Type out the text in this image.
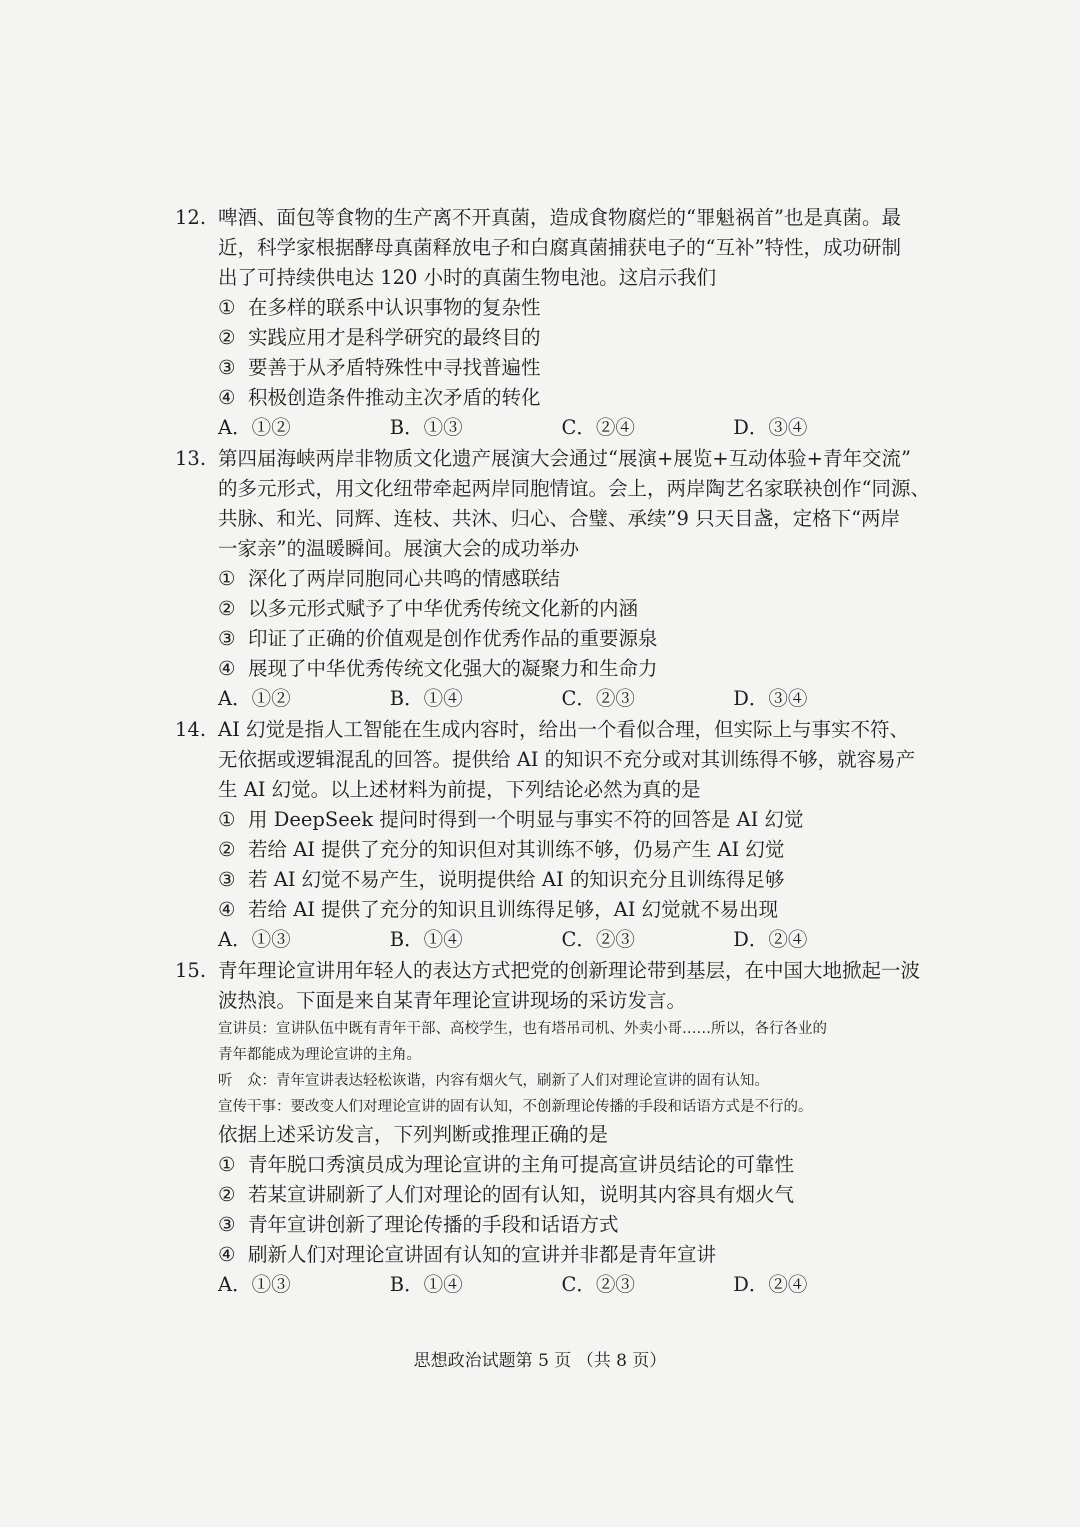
12. 啤酒、面包等食物的生产离不开真菌，造成食物腐烂的“罪魁祸首”也是真菌。最
近，科学家根据酵母真菌释放电子和白腐真菌捕获电子的“互补”特性，成功研制
出了可持续供电达 120 小时的真菌生物电池。这启示我们
① 在多样的联系中认识事物的复杂性
② 实践应用才是科学研究的最终目的
③ 要善于从矛盾特殊性中寻找普遍性
④ 积极创造条件推动主次矛盾的转化
A．①②	B．①③	C．②④	D．③④
13. 第四届海峡两岸非物质文化遗产展演大会通过“展演+展览+互动体验+青年交流”
的多元形式，用文化纽带牵起两岸同胞情谊。会上，两岸陶艺名家联袂创作“同源、
共脉、和光、同辉、连枝、共沐、归心、合璧、承续”9 只天目盏，定格下“两岸
一家亲”的温暖瞬间。展演大会的成功举办
① 深化了两岸同胞同心共鸣的情感联结
② 以多元形式赋予了中华优秀传统文化新的内涵
③ 印证了正确的价值观是创作优秀作品的重要源泉
④ 展现了中华优秀传统文化强大的凝聚力和生命力
A．①②	B．①④	C．②③	D．③④
14. AI 幻觉是指人工智能在生成内容时，给出一个看似合理，但实际上与事实不符、
无依据或逻辑混乱的回答。提供给 AI 的知识不充分或对其训练得不够，就容易产
生 AI 幻觉。以上述材料为前提，下列结论必然为真的是
① 用 DeepSeek 提问时得到一个明显与事实不符的回答是 AI 幻觉
② 若给 AI 提供了充分的知识但对其训练不够，仍易产生 AI 幻觉
③ 若 AI 幻觉不易产生，说明提供给 AI 的知识充分且训练得足够
④ 若给 AI 提供了充分的知识且训练得足够，AI 幻觉就不易出现
A．①③	B．①④	C．②③	D．②④
15. 青年理论宣讲用年轻人的表达方式把党的创新理论带到基层，在中国大地掀起一波
波热浪。下面是来自某青年理论宣讲现场的采访发言。
宣讲员：宣讲队伍中既有青年干部、高校学生，也有塔吊司机、外卖小哥……所以，各行各业的
青年都能成为理论宣讲的主角。
听　众：青年宣讲表达轻松诙谐，内容有烟火气，刷新了人们对理论宣讲的固有认知。
宣传干事：要改变人们对理论宣讲的固有认知，不创新理论传播的手段和话语方式是不行的。
依据上述采访发言，下列判断或推理正确的是
① 青年脱口秀演员成为理论宣讲的主角可提高宣讲员结论的可靠性
② 若某宣讲刷新了人们对理论的固有认知，说明其内容具有烟火气
③ 青年宣讲创新了理论传播的手段和话语方式
④ 刷新人们对理论宣讲固有认知的宣讲并非都是青年宣讲
A．①③	B．①④	C．②③	D．②④
思想政治试题第 5 页 （共 8 页）
